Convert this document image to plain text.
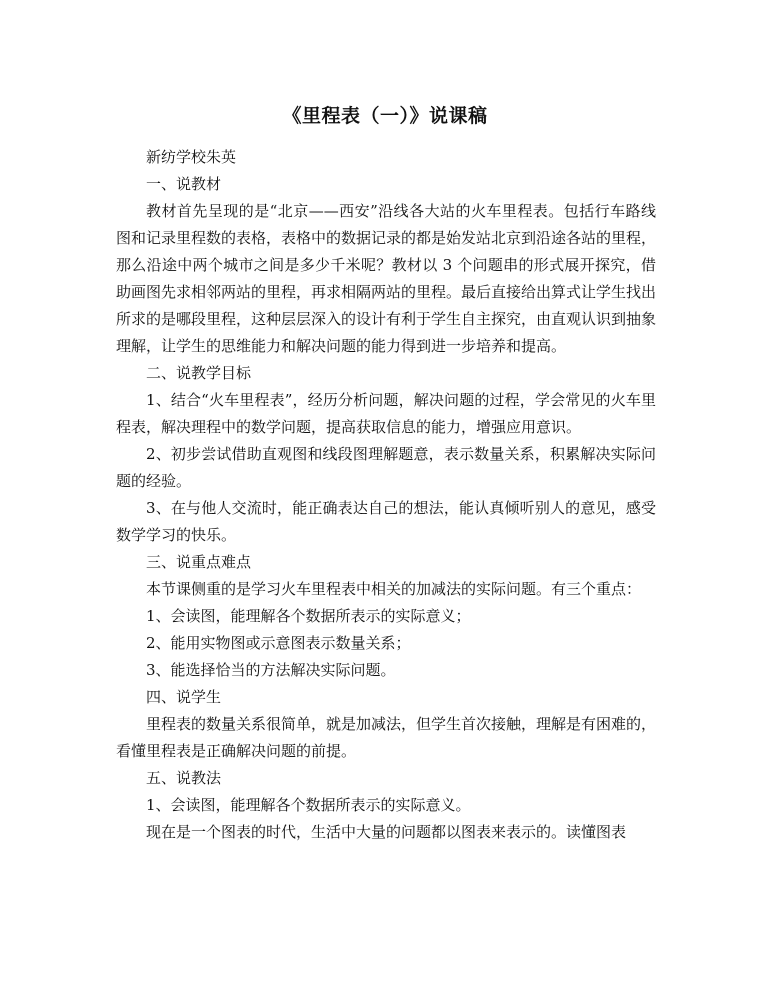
《里程表（一）》说课稿

新纺学校朱英

一、说教材

教材首先呈现的是“北京——西安”沿线各大站的火车里程表。包括行车路线图和记录里程数的表格，表格中的数据记录的都是始发站北京到沿途各站的里程，那么沿途中两个城市之间是多少千米呢？教材以 3 个问题串的形式展开探究，借助画图先求相邻两站的里程，再求相隔两站的里程。最后直接给出算式让学生找出所求的是哪段里程，这种层层深入的设计有利于学生自主探究，由直观认识到抽象理解，让学生的思维能力和解决问题的能力得到进一步培养和提高。

二、说教学目标

1、结合“火车里程表”，经历分析问题，解决问题的过程，学会常见的火车里程表，解决理程中的数学问题，提高获取信息的能力，增强应用意识。

2、初步尝试借助直观图和线段图理解题意，表示数量关系，积累解决实际问题的经验。

3、在与他人交流时，能正确表达自己的想法，能认真倾听别人的意见，感受数学学习的快乐。

三、说重点难点

本节课侧重的是学习火车里程表中相关的加减法的实际问题。有三个重点：

1、会读图，能理解各个数据所表示的实际意义；

2、能用实物图或示意图表示数量关系；

3、能选择恰当的方法解决实际问题。

四、说学生

里程表的数量关系很简单，就是加减法，但学生首次接触，理解是有困难的，看懂里程表是正确解决问题的前提。

五、说教法

1、会读图，能理解各个数据所表示的实际意义。

现在是一个图表的时代，生活中大量的问题都以图表来表示的。读懂图表
